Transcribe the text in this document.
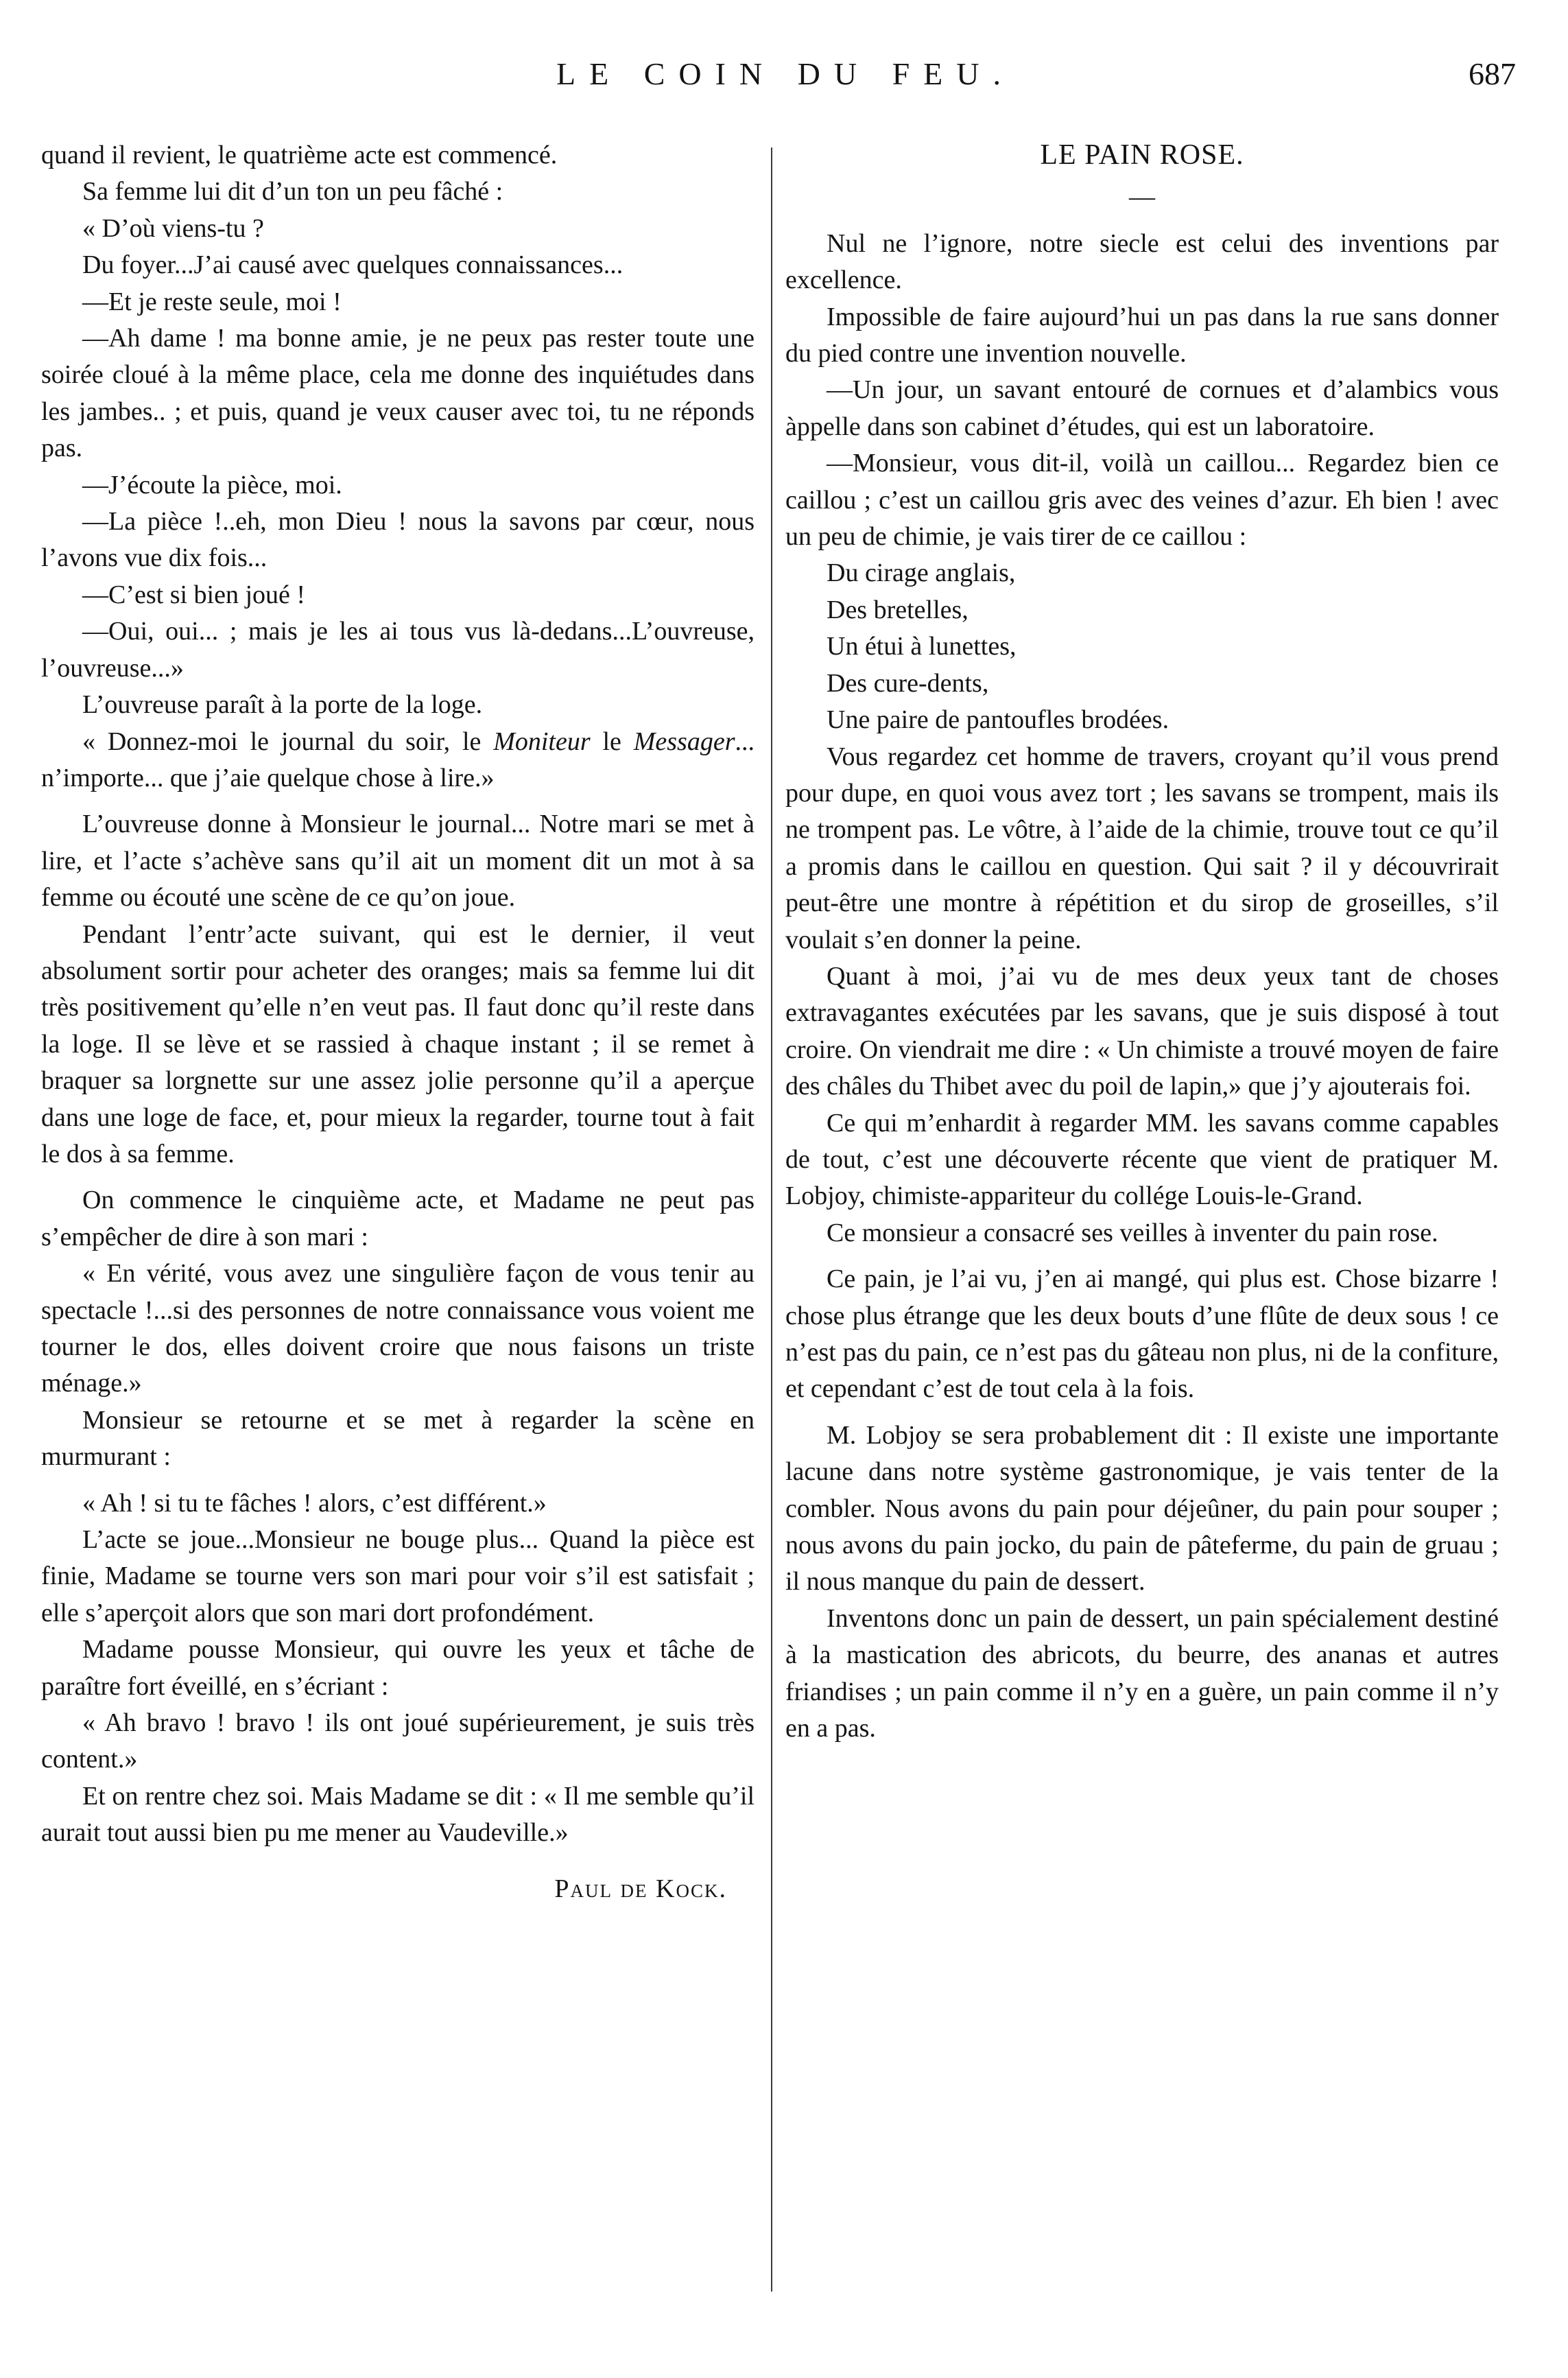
LE COIN DU FEU.	687

quand il revient, le quatrième acte est commencé.

Sa femme lui dit d’un ton un peu fâché :

« D’où viens-tu ?

Du foyer...J’ai causé avec quelques connaissances...

—Et je reste seule, moi !

—Ah dame ! ma bonne amie, je ne peux pas rester toute une soirée cloué à la même place, cela me donne des inquiétudes dans les jambes.. ; et puis, quand je veux causer avec toi, tu ne réponds pas.

—J’écoute la pièce, moi.

—La pièce !..eh, mon Dieu ! nous la savons par cœur, nous l’avons vue dix fois...

—C’est si bien joué !

—Oui, oui... ; mais je les ai tous vus là-dedans...L’ouvreuse, l’ouvreuse...»

L’ouvreuse paraît à la porte de la loge.

« Donnez-moi le journal du soir, le Moniteur le Messager... n’importe... que j’aie quelque chose à lire.»

L’ouvreuse donne à Monsieur le journal... Notre mari se met à lire, et l’acte s’achève sans qu’il ait un moment dit un mot à sa femme ou écouté une scène de ce qu’on joue.

Pendant l’entr’acte suivant, qui est le dernier, il veut absolument sortir pour acheter des oranges; mais sa femme lui dit très positivement qu’elle n’en veut pas. Il faut donc qu’il reste dans la loge. Il se lève et se rassied à chaque instant ; il se remet à braquer sa lorgnette sur une assez jolie personne qu’il a aperçue dans une loge de face, et, pour mieux la regarder, tourne tout à fait le dos à sa femme.

On commence le cinquième acte, et Madame ne peut pas s’empêcher de dire à son mari :

« En vérité, vous avez une singulière façon de vous tenir au spectacle !...si des personnes de notre connaissance vous voient me tourner le dos, elles doivent croire que nous faisons un triste ménage.»

Monsieur se retourne et se met à regarder la scène en murmurant :

« Ah ! si tu te fâches ! alors, c’est différent.»

L’acte se joue...Monsieur ne bouge plus... Quand la pièce est finie, Madame se tourne vers son mari pour voir s’il est satisfait ; elle s’aperçoit alors que son mari dort profondément.

Madame pousse Monsieur, qui ouvre les yeux et tâche de paraître fort éveillé, en s’écriant :

« Ah bravo ! bravo ! ils ont joué supérieurement, je suis très content.»

Et on rentre chez soi. Mais Madame se dit : « Il me semble qu’il aurait tout aussi bien pu me mener au Vaudeville.»

Paul de Kock.

LE PAIN ROSE.

—

Nul ne l’ignore, notre siecle est celui des inventions par excellence.

Impossible de faire aujourd’hui un pas dans la rue sans donner du pied contre une invention nouvelle.

—Un jour, un savant entouré de cornues et d’alambics vous àppelle dans son cabinet d’études, qui est un laboratoire.

—Monsieur, vous dit-il, voilà un caillou... Regardez bien ce caillou ; c’est un caillou gris avec des veines d’azur. Eh bien ! avec un peu de chimie, je vais tirer de ce caillou :

Du cirage anglais,

Des bretelles,

Un étui à lunettes,

Des cure-dents,

Une paire de pantoufles brodées.

Vous regardez cet homme de travers, croyant qu’il vous prend pour dupe, en quoi vous avez tort ; les savans se trompent, mais ils ne trompent pas. Le vôtre, à l’aide de la chimie, trouve tout ce qu’il a promis dans le caillou en question. Qui sait ? il y découvrirait peut-être une montre à répétition et du sirop de groseilles, s’il voulait s’en donner la peine.

Quant à moi, j’ai vu de mes deux yeux tant de choses extravagantes exécutées par les savans, que je suis disposé à tout croire. On viendrait me dire : « Un chimiste a trouvé moyen de faire des châles du Thibet avec du poil de lapin,» que j’y ajouterais foi.

Ce qui m’enhardit à regarder MM. les savans comme capables de tout, c’est une découverte récente que vient de pratiquer M. Lobjoy, chimiste-appariteur du collége Louis-le-Grand.

Ce monsieur a consacré ses veilles à inventer du pain rose.

Ce pain, je l’ai vu, j’en ai mangé, qui plus est. Chose bizarre ! chose plus étrange que les deux bouts d’une flûte de deux sous ! ce n’est pas du pain, ce n’est pas du gâteau non plus, ni de la confiture, et cependant c’est de tout cela à la fois.

M. Lobjoy se sera probablement dit : Il existe une importante lacune dans notre système gastronomique, je vais tenter de la combler. Nous avons du pain pour déjeûner, du pain pour souper ; nous avons du pain jocko, du pain de pâteferme, du pain de gruau ; il nous manque du pain de dessert.

Inventons donc un pain de dessert, un pain spécialement destiné à la mastication des abricots, du beurre, des ananas et autres friandises ; un pain comme il n’y en a guère, un pain comme il n’y en a pas.
